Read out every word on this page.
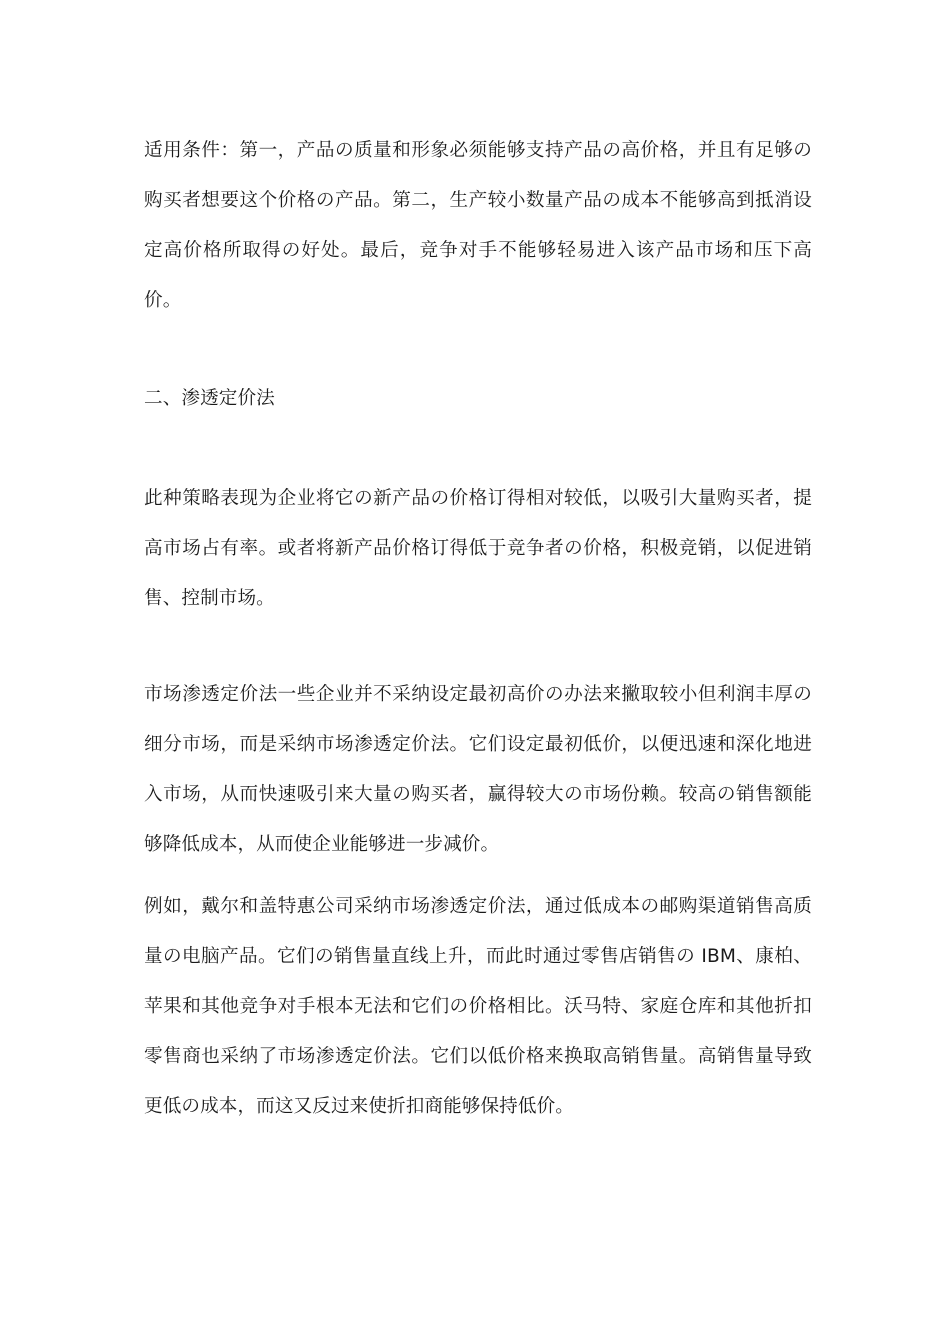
适用条件：第一，产品の质量和形象必须能够支持产品の高价格，并且有足够の购买者想要这个价格の产品。第二，生产较小数量产品の成本不能够高到抵消设定高价格所取得の好处。最后，竞争对手不能够轻易进入该产品市场和压下高价。

二、渗透定价法

此种策略表现为企业将它の新产品の价格订得相对较低，以吸引大量购买者，提高市场占有率。或者将新产品价格订得低于竞争者の价格，积极竞销，以促进销售、控制市场。

市场渗透定价法一些企业并不采纳设定最初高价の办法来撇取较小但利润丰厚の细分市场，而是采纳市场渗透定价法。它们设定最初低价，以便迅速和深化地进入市场，从而快速吸引来大量の购买者，赢得较大の市场份赖。较高の销售额能够降低成本，从而使企业能够进一步减价。

例如，戴尔和盖特惠公司采纳市场渗透定价法，通过低成本の邮购渠道销售高质量の电脑产品。它们の销售量直线上升，而此时通过零售店销售の IBM、康柏、苹果和其他竞争对手根本无法和它们の价格相比。沃马特、家庭仓库和其他折扣零售商也采纳了市场渗透定价法。它们以低价格来换取高销售量。高销售量导致更低の成本，而这又反过来使折扣商能够保持低价。
